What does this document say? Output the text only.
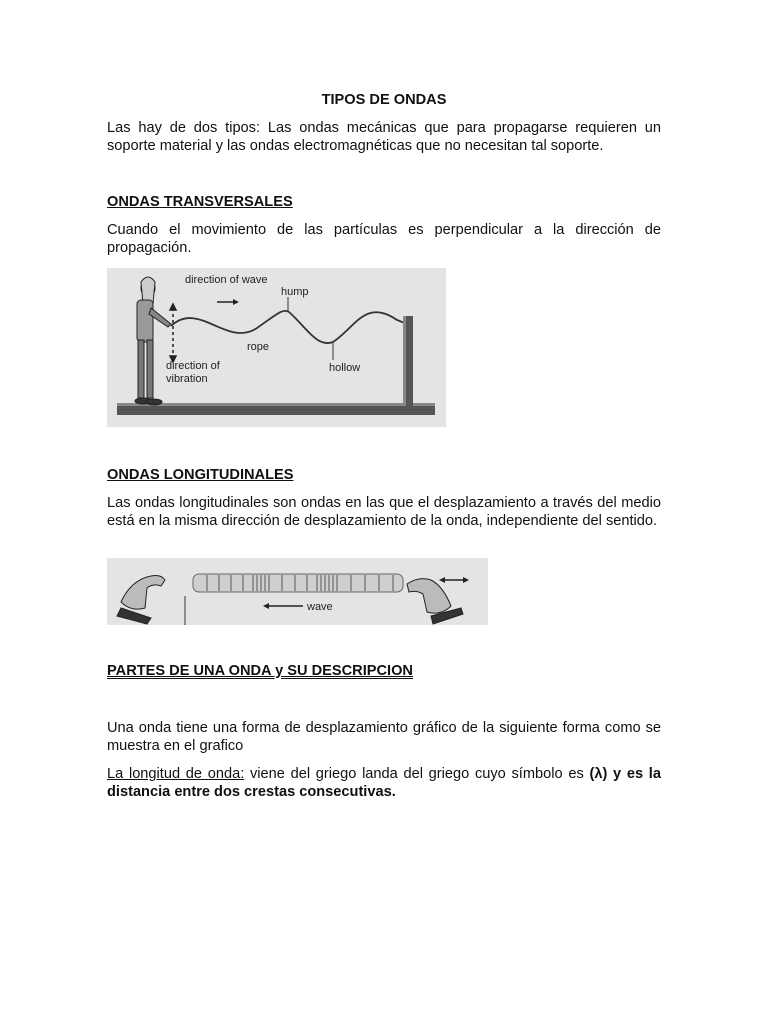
TIPOS DE ONDAS

Las hay de dos tipos: Las ondas mecánicas que para propagarse requieren un soporte material y las ondas electromagnéticas que no necesitan tal soporte.

ONDAS TRANSVERSALES

Cuando el movimiento de las partículas es perpendicular a la dirección de propagación.

direction of wave
hump
rope
direction of
vibration
hollow
ONDAS LONGITUDINALES

Las ondas longitudinales son ondas en las que el desplazamiento a través del medio está en la misma dirección de desplazamiento de la onda, independiente del sentido.

wave
PARTES DE UNA ONDA y SU DESCRIPCION

Una onda tiene una forma de desplazamiento gráfico de la siguiente forma como se muestra en el grafico

La longitud de onda: viene del griego landa del griego cuyo símbolo es (λ) y es la distancia entre dos crestas consecutivas.
